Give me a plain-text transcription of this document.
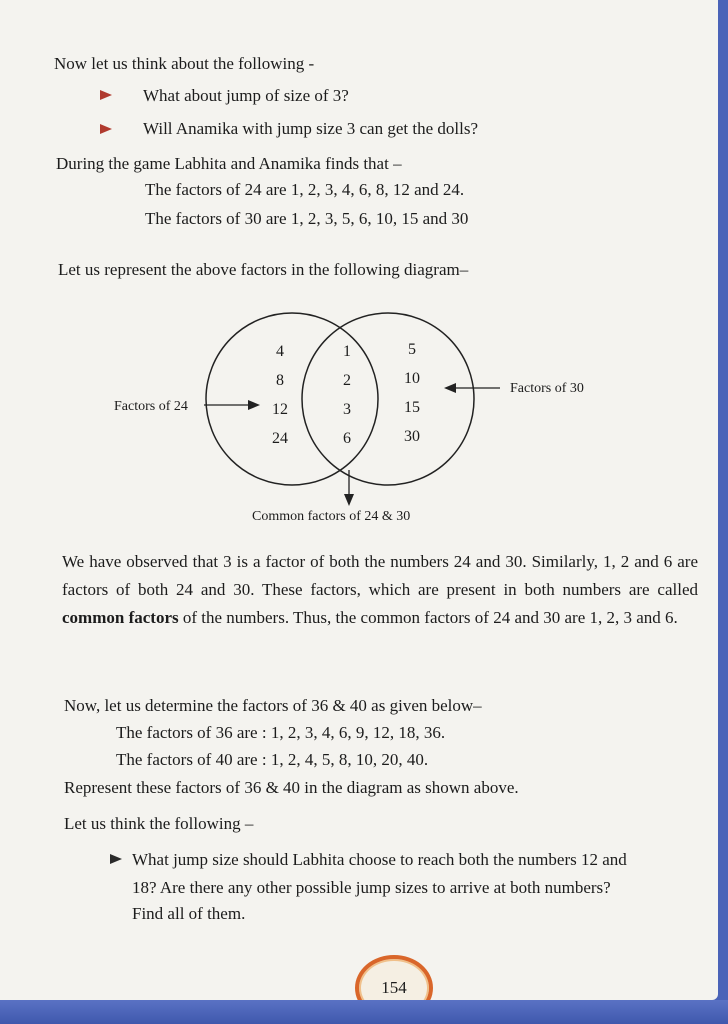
Now let us think about the following -
What about jump of size of 3?
Will Anamika with jump size 3 can get the dolls?
During the game Labhita and Anamika finds that –
The factors of 24 are 1, 2, 3, 4, 6, 8, 12 and 24.
The factors of 30 are 1, 2, 3, 5, 6, 10, 15 and 30
Let us represent the above factors in the following diagram–
4
8
12
24
1
2
3
6
5
10
15
30
Factors of 24
Factors of 30
Common factors of 24 & 30
We have observed that 3 is a factor of both the numbers 24 and 30. Similarly, 1, 2 and 6 are factors of both 24 and 30. These factors, which are present in both numbers are called common factors of the numbers. Thus, the common factors of 24 and 30 are 1, 2, 3 and 6.
Now, let us determine the factors of 36 & 40 as given below–
The factors of 36 are : 1, 2, 3, 4, 6, 9, 12, 18, 36.
The factors of 40 are : 1, 2, 4, 5, 8, 10, 20, 40.
Represent these factors of 36 & 40 in the diagram as shown above.
Let us think the following –
What jump size should Labhita choose to reach both the numbers 12 and
18? Are there any other possible jump sizes to arrive at both numbers?
Find all of them.
154
